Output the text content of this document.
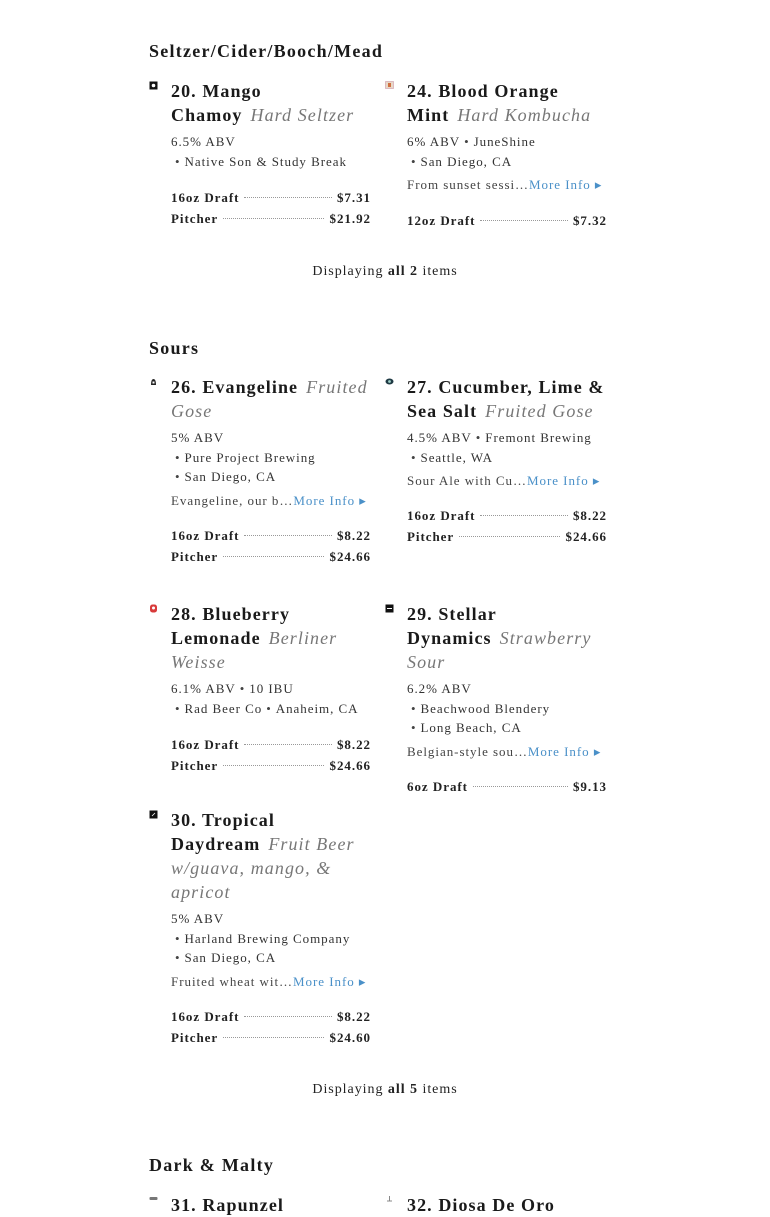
Seltzer/Cider/Booch/Mead
20. Mango Chamoy Hard Seltzer
6.5% ABV
• Native Son & Study Break
16oz Draft	$7.31
Pitcher	$21.92
24. Blood Orange Mint Hard Kombucha
6% ABV • JuneShine
• San Diego, CA
From sunset sessi…More Info ▸
12oz Draft	$7.32
Displaying all 2 items
Sours
26. Evangeline Fruited Gose
5% ABV
• Pure Project Brewing
• San Diego, CA
Evangeline, our b…More Info ▸
16oz Draft	$8.22
Pitcher	$24.66
27. Cucumber, Lime & Sea Salt Fruited Gose
4.5% ABV • Fremont Brewing
• Seattle, WA
Sour Ale with Cu…More Info ▸
16oz Draft	$8.22
Pitcher	$24.66
28. Blueberry Lemonade Berliner Weisse
6.1% ABV • 10 IBU
• Rad Beer Co • Anaheim, CA
16oz Draft	$8.22
Pitcher	$24.66
29. Stellar Dynamics Strawberry Sour
6.2% ABV
• Beachwood Blendery
• Long Beach, CA
Belgian-style sou…More Info ▸
6oz Draft	$9.13
30. Tropical Daydream Fruit Beer w/guava, mango, & apricot
5% ABV
• Harland Brewing Company
• San Diego, CA
Fruited wheat wit…More Info ▸
16oz Draft	$8.22
Pitcher	$24.60
Displaying all 5 items
Dark & Malty
31. Rapunzel	32. Diosa De Oro
